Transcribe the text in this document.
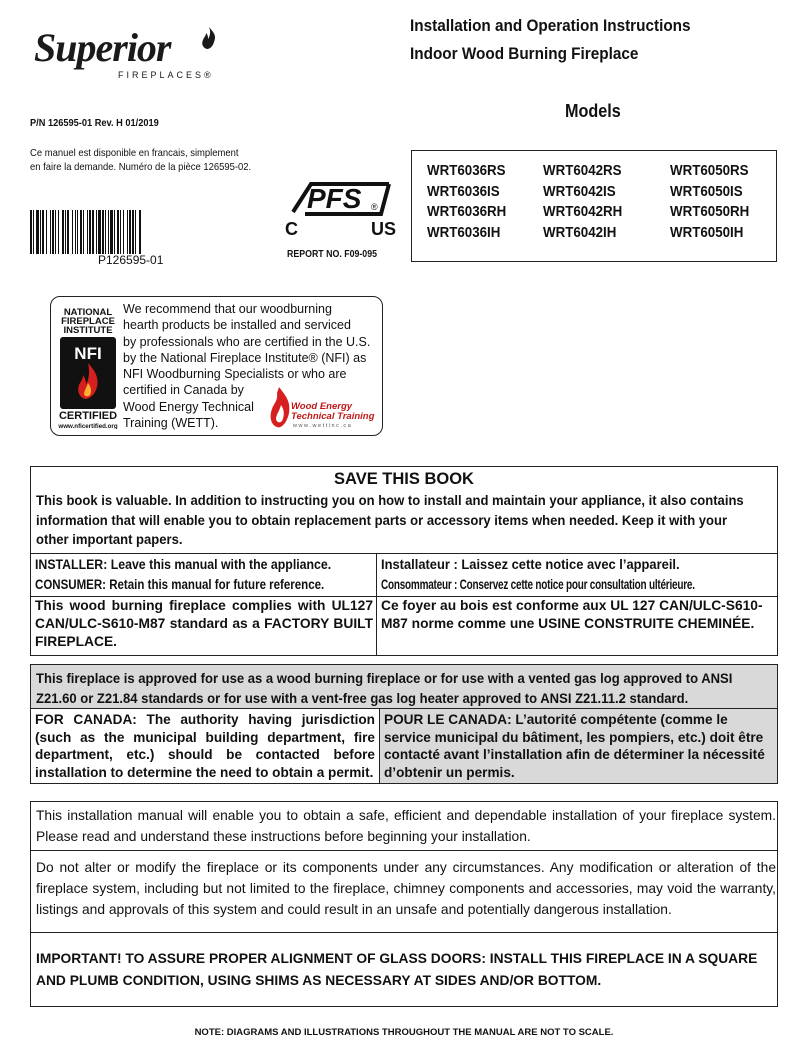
Superior
FIREPLACES®
Installation and Operation Instructions
Indoor Wood Burning Fireplace
Models
P/N 126595-01 Rev. H 01/2019
Ce manuel est disponible en francais, simplement
en faire la demande. Numéro de la pièce 126595-02.
P126595-01
PFS ®
C	US
REPORT NO. F09-095
WRT6036RS
WRT6036IS
WRT6036RH
WRT6036IH
WRT6042RS
WRT6042IS
WRT6042RH
WRT6042IH
WRT6050RS
WRT6050IS
WRT6050RH
WRT6050IH
NATIONAL
FIREPLACE
INSTITUTE
NFI
CERTIFIED
www.nficertified.org
We recommend that our woodburning
hearth products be installed and serviced
by professionals who are certified in the U.S.
by the National Fireplace Institute® (NFI) as
NFI Woodburning Specialists or who are
certified in Canada by
Wood Energy Technical
Training (WETT).
Wood Energy
Technical Training
w w w . w e t t i n c . c a
SAVE THIS BOOK
This book is valuable. In addition to instructing you on how to install and maintain your appliance, it also contains information that will enable you to obtain replacement parts or accessory items when needed. Keep it with your other important papers.
INSTALLER: Leave this manual with the appliance.
CONSUMER: Retain this manual for future reference.
Installateur : Laissez cette notice avec l’appareil.
Consommateur : Conservez cette notice pour consultation ultérieure.
This wood burning fireplace complies with UL127 CAN/ULC-S610-M87 standard as a FACTORY BUILT FIREPLACE.
Ce foyer au bois est conforme aux UL 127 CAN/ULC-S610-M87 norme comme une USINE CONSTRUITE CHEMINÉE.
This fireplace is approved for use as a wood burning fireplace or for use with a vented gas log approved to ANSI Z21.60 or Z21.84 standards or for use with a vent-free gas log heater approved to ANSI Z21.11.2 standard.
FOR CANADA: The authority having jurisdiction (such as the municipal building department, fire department, etc.) should be contacted before installation to determine the need to obtain a permit.
POUR LE CANADA: L’autorité compétente (comme le service municipal du bâtiment, les pompiers, etc.) doit être contacté avant l’installation afin de déterminer la nécessité d’obtenir un permis.
This installation manual will enable you to obtain a safe, efficient and dependable installation of your fireplace system. Please read and understand these instructions before beginning your installation.
Do not alter or modify the fireplace or its components under any circumstances. Any modification or alteration of the fireplace system, including but not limited to the fireplace, chimney components and accessories, may void the warranty, listings and approvals of this system and could result in an unsafe and potentially dangerous installation.
IMPORTANT! TO ASSURE PROPER ALIGNMENT OF GLASS DOORS: INSTALL THIS FIREPLACE IN A SQUARE AND PLUMB CONDITION, USING SHIMS AS NECESSARY AT SIDES AND/OR BOTTOM.
NOTE: DIAGRAMS AND ILLUSTRATIONS THROUGHOUT THE MANUAL ARE NOT TO SCALE.
